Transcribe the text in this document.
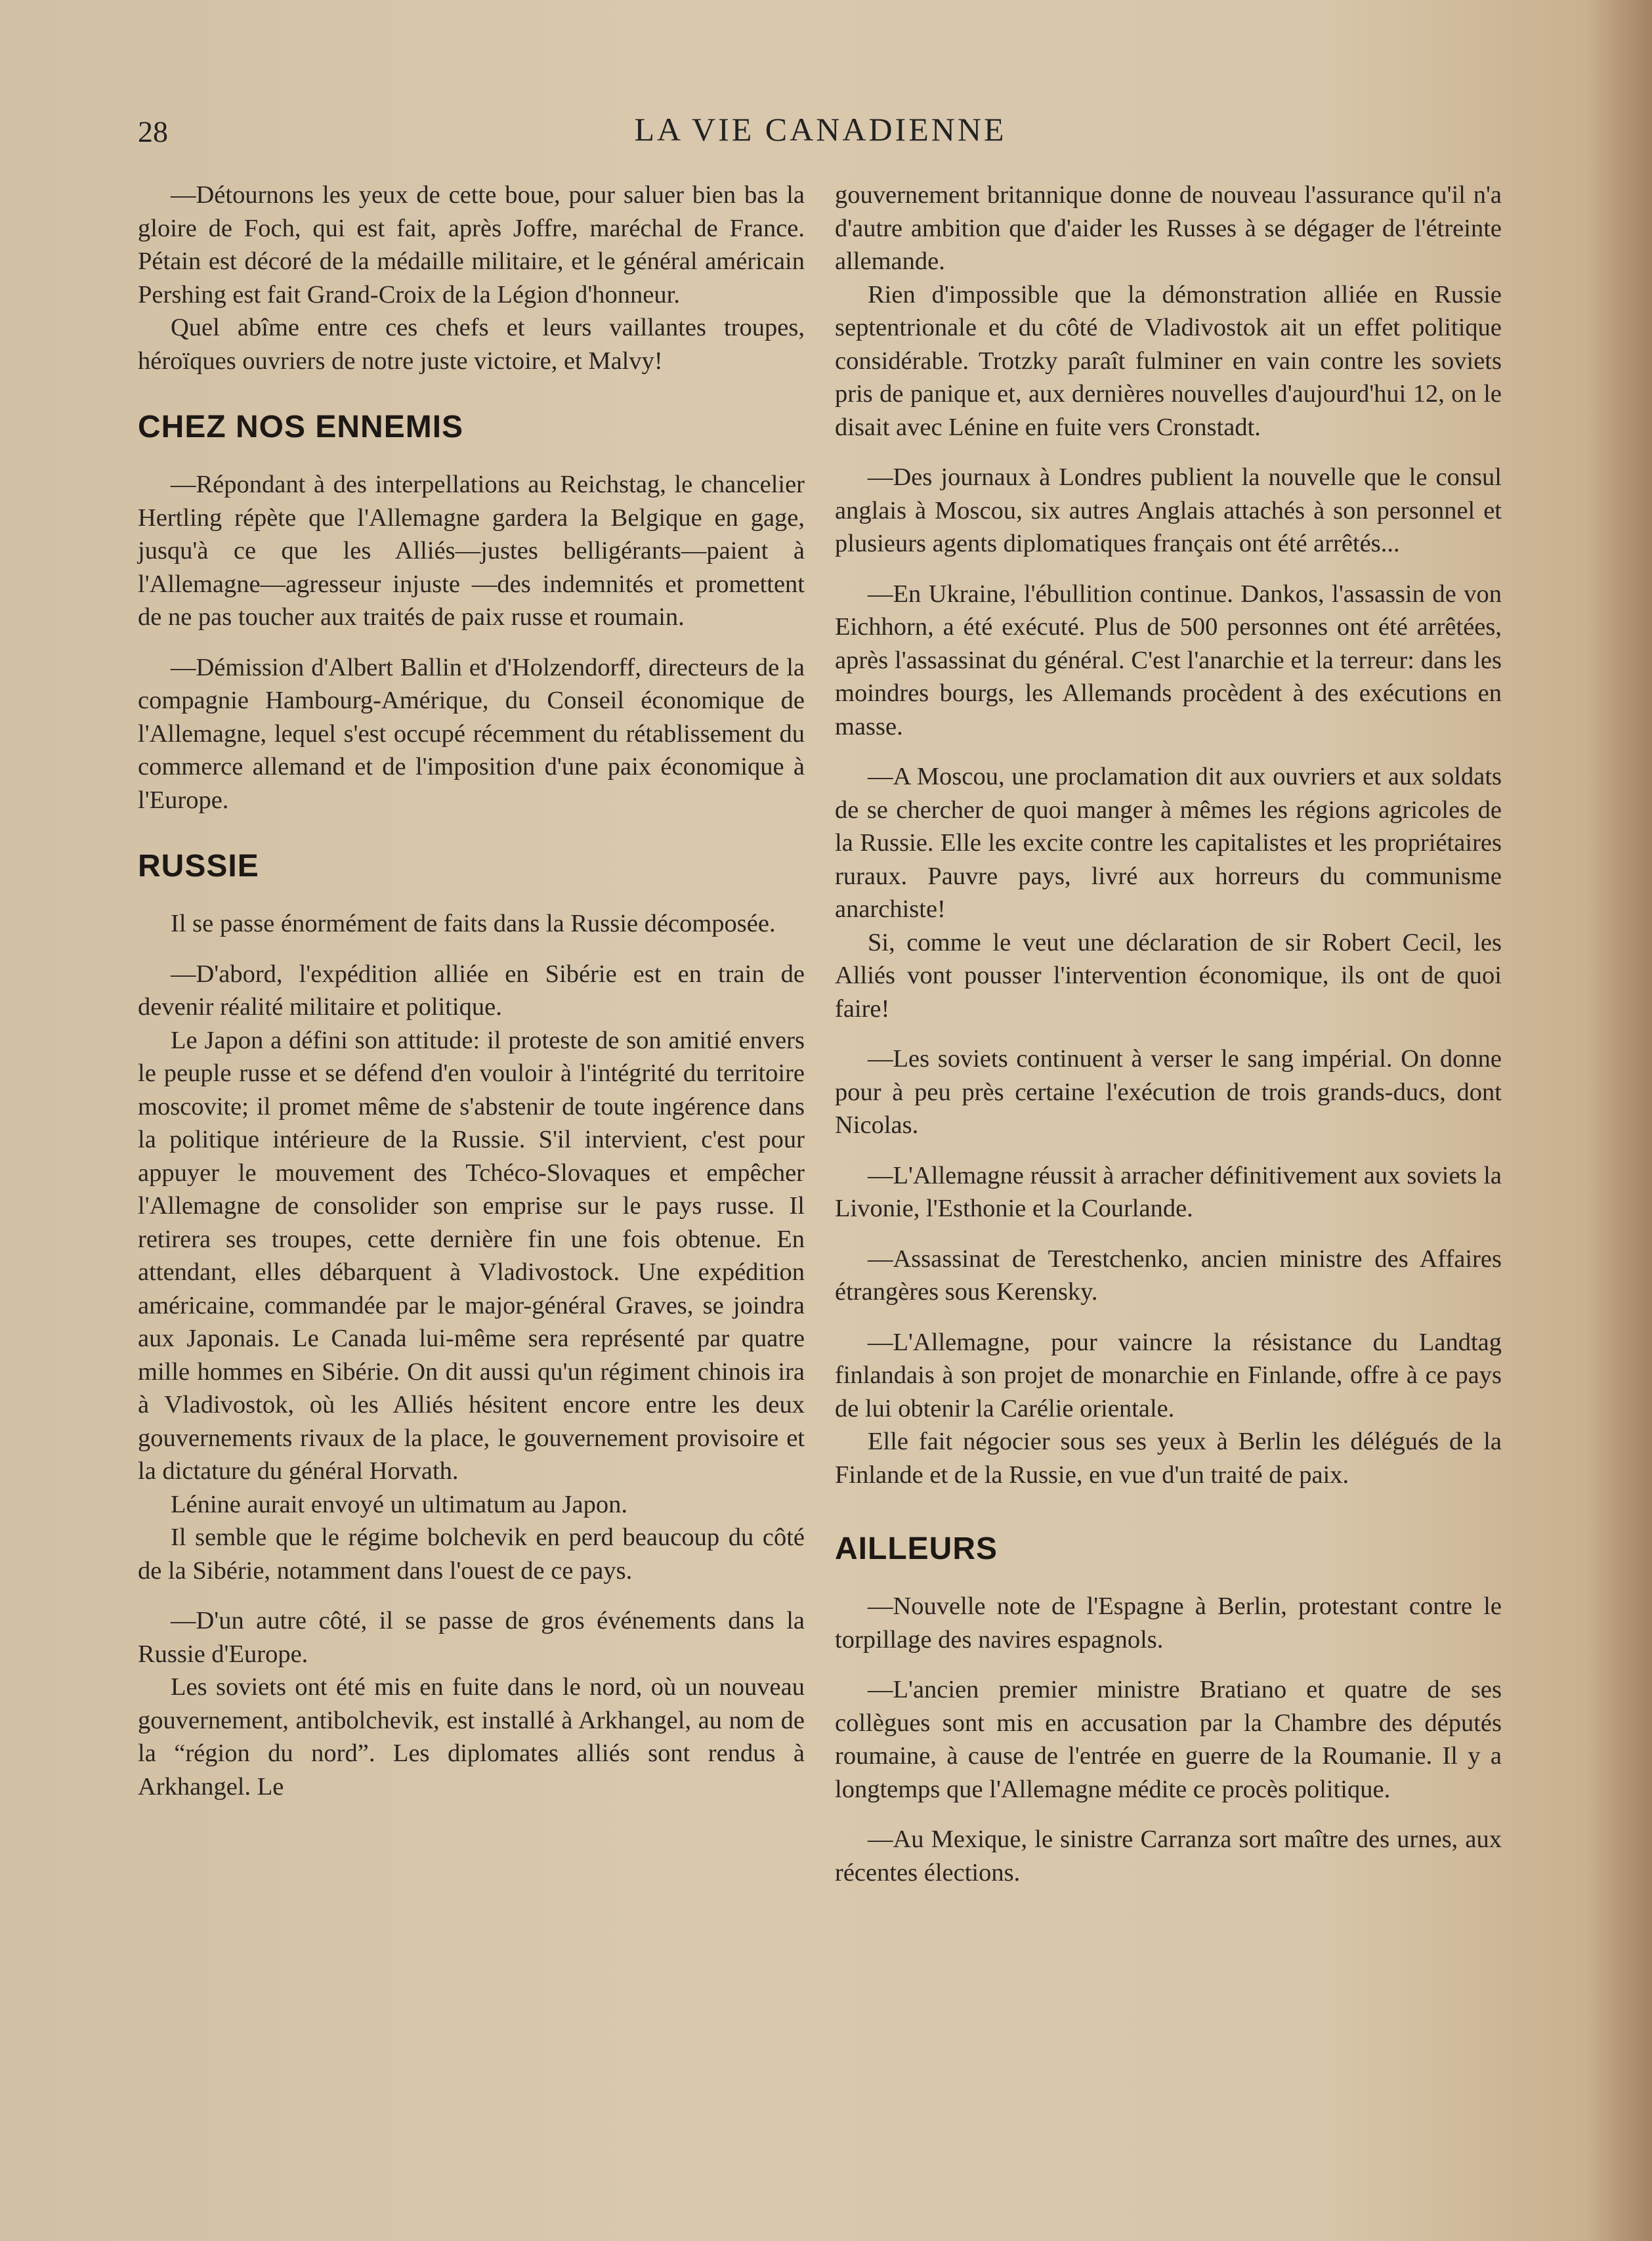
28	LA VIE CANADIENNE

—Détournons les yeux de cette boue, pour saluer bien bas la gloire de Foch, qui est fait, après Joffre, maréchal de France. Pétain est décoré de la médaille militaire, et le général américain Pershing est fait Grand-Croix de la Légion d'honneur.

Quel abîme entre ces chefs et leurs vaillantes troupes, héroïques ouvriers de notre juste victoire, et Malvy!

CHEZ NOS ENNEMIS

—Répondant à des interpellations au Reichstag, le chancelier Hertling répète que l'Allemagne gardera la Belgique en gage, jusqu'à ce que les Alliés—justes belligérants—paient à l'Allemagne—agresseur injuste —des indemnités et promettent de ne pas toucher aux traités de paix russe et roumain.

—Démission d'Albert Ballin et d'Holzendorff, directeurs de la compagnie Hambourg-Amérique, du Conseil économique de l'Allemagne, lequel s'est occupé récemment du rétablissement du commerce allemand et de l'imposition d'une paix économique à l'Europe.

RUSSIE

Il se passe énormément de faits dans la Russie décomposée.

—D'abord, l'expédition alliée en Sibérie est en train de devenir réalité militaire et politique.

Le Japon a défini son attitude: il proteste de son amitié envers le peuple russe et se défend d'en vouloir à l'intégrité du territoire moscovite; il promet même de s'abstenir de toute ingérence dans la politique intérieure de la Russie. S'il intervient, c'est pour appuyer le mouvement des Tchéco-Slovaques et empêcher l'Allemagne de consolider son emprise sur le pays russe. Il retirera ses troupes, cette dernière fin une fois obtenue. En attendant, elles débarquent à Vladivostock. Une expédition américaine, commandée par le major-général Graves, se joindra aux Japonais. Le Canada lui-même sera représenté par quatre mille hommes en Sibérie. On dit aussi qu'un régiment chinois ira à Vladivostok, où les Alliés hésitent encore entre les deux gouvernements rivaux de la place, le gouvernement provisoire et la dictature du général Horvath.

Lénine aurait envoyé un ultimatum au Japon.

Il semble que le régime bolchevik en perd beaucoup du côté de la Sibérie, notamment dans l'ouest de ce pays.

—D'un autre côté, il se passe de gros événements dans la Russie d'Europe.

Les soviets ont été mis en fuite dans le nord, où un nouveau gouvernement, antibolchevik, est installé à Arkhangel, au nom de la “région du nord”. Les diplomates alliés sont rendus à Arkhangel. Le

gouvernement britannique donne de nouveau l'assurance qu'il n'a d'autre ambition que d'aider les Russes à se dégager de l'étreinte allemande.

Rien d'impossible que la démonstration alliée en Russie septentrionale et du côté de Vladivostok ait un effet politique considérable. Trotzky paraît fulminer en vain contre les soviets pris de panique et, aux dernières nouvelles d'aujourd'hui 12, on le disait avec Lénine en fuite vers Cronstadt.

—Des journaux à Londres publient la nouvelle que le consul anglais à Moscou, six autres Anglais attachés à son personnel et plusieurs agents diplomatiques français ont été arrêtés...

—En Ukraine, l'ébullition continue. Dankos, l'assassin de von Eichhorn, a été exécuté. Plus de 500 personnes ont été arrêtées, après l'assassinat du général. C'est l'anarchie et la terreur: dans les moindres bourgs, les Allemands procèdent à des exécutions en masse.

—A Moscou, une proclamation dit aux ouvriers et aux soldats de se chercher de quoi manger à mêmes les régions agricoles de la Russie. Elle les excite contre les capitalistes et les propriétaires ruraux. Pauvre pays, livré aux horreurs du communisme anarchiste!

Si, comme le veut une déclaration de sir Robert Cecil, les Alliés vont pousser l'intervention économique, ils ont de quoi faire!

—Les soviets continuent à verser le sang impérial. On donne pour à peu près certaine l'exécution de trois grands-ducs, dont Nicolas.

—L'Allemagne réussit à arracher définitivement aux soviets la Livonie, l'Esthonie et la Courlande.

—Assassinat de Terestchenko, ancien ministre des Affaires étrangères sous Kerensky.

—L'Allemagne, pour vaincre la résistance du Landtag finlandais à son projet de monarchie en Finlande, offre à ce pays de lui obtenir la Carélie orientale.

Elle fait négocier sous ses yeux à Berlin les délégués de la Finlande et de la Russie, en vue d'un traité de paix.

AILLEURS

—Nouvelle note de l'Espagne à Berlin, protestant contre le torpillage des navires espagnols.

—L'ancien premier ministre Bratiano et quatre de ses collègues sont mis en accusation par la Chambre des députés roumaine, à cause de l'entrée en guerre de la Roumanie. Il y a longtemps que l'Allemagne médite ce procès politique.

—Au Mexique, le sinistre Carranza sort maître des urnes, aux récentes élections.
